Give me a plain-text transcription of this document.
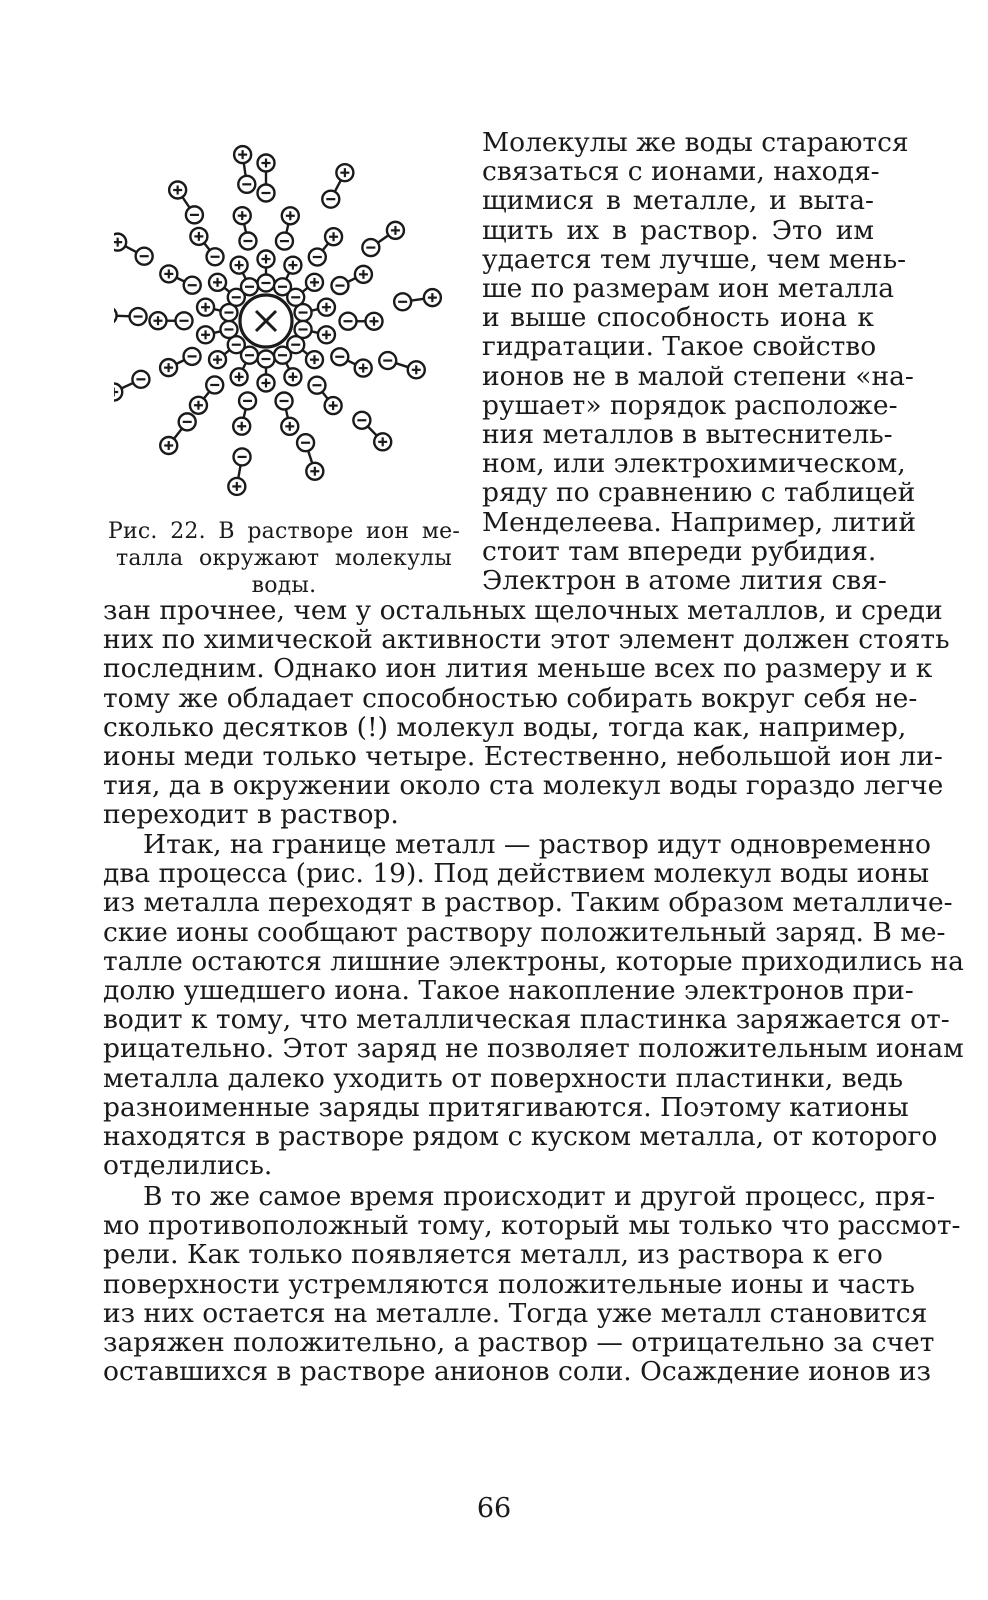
Рис. 22. В растворе ион ме-
талла окружают молекулы
воды.
Молекулы же воды стараются
связаться с ионами, находя-
щимися в металле, и выта-
щить их в раствор. Это им
удается тем лучше, чем мень-
ше по размерам ион металла
и выше способность иона к
гидратации. Такое свойство
ионов не в малой степени «на-
рушает» порядок расположе-
ния металлов в вытеснитель-
ном, или электрохимическом,
ряду по сравнению с таблицей
Менделеева. Например, литий
стоит там впереди рубидия.
Электрон в атоме лития свя-
зан прочнее, чем у остальных щелочных металлов, и среди
них по химической активности этот элемент должен стоять
последним. Однако ион лития меньше всех по размеру и к
тому же обладает способностью собирать вокруг себя не-
сколько десятков (!) молекул воды, тогда как, например,
ионы меди только четыре. Естественно, небольшой ион ли-
тия, да в окружении около ста молекул воды гораздо легче
переходит в раствор.
Итак, на границе металл — раствор идут одновременно
два процесса (рис. 19). Под действием молекул воды ионы
из металла переходят в раствор. Таким образом металличе-
ские ионы сообщают раствору положительный заряд. В ме-
талле остаются лишние электроны, которые приходились на
долю ушедшего иона. Такое накопление электронов при-
водит к тому, что металлическая пластинка заряжается от-
рицательно. Этот заряд не позволяет положительным ионам
металла далеко уходить от поверхности пластинки, ведь
разноименные заряды притягиваются. Поэтому катионы
находятся в растворе рядом с куском металла, от которого
отделились.
В то же самое время происходит и другой процесс, пря-
мо противоположный тому, который мы только что рассмот-
рели. Как только появляется металл, из раствора к его
поверхности устремляются положительные ионы и часть
из них остается на металле. Тогда уже металл становится
заряжен положительно, а раствор — отрицательно за счет
оставшихся в растворе анионов соли. Осаждение ионов из
66
